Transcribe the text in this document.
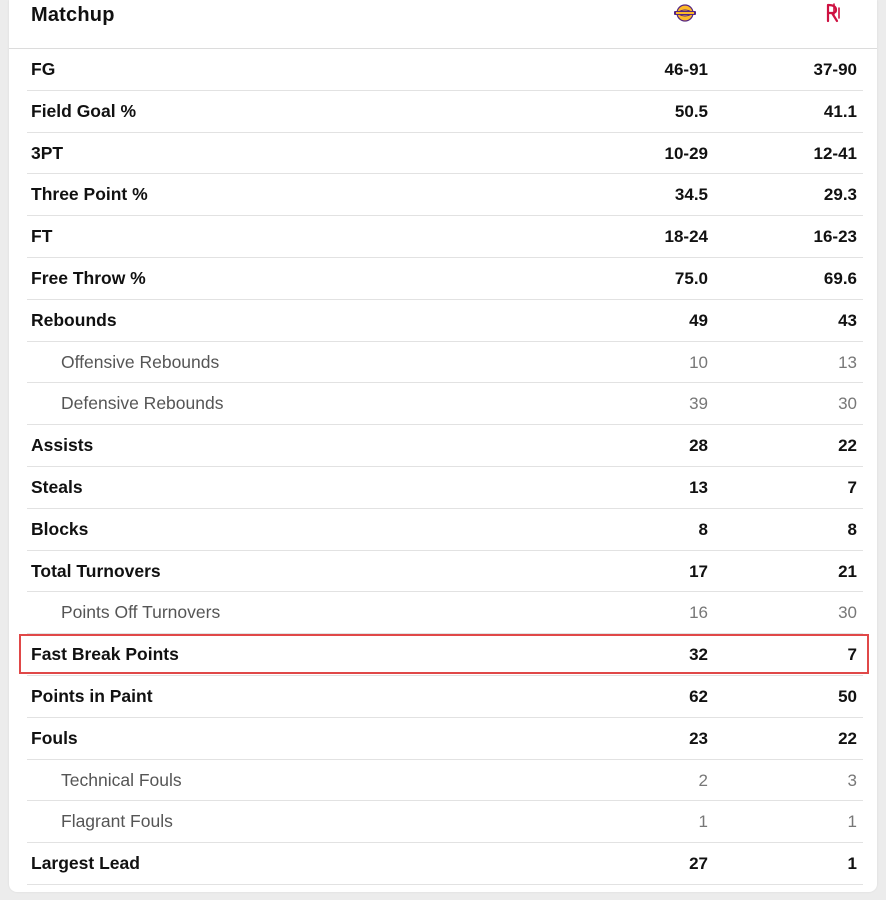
Matchup
FG	46-91	37-90
Field Goal %	50.5	41.1
3PT	10-29	12-41
Three Point %	34.5	29.3
FT	18-24	16-23
Free Throw %	75.0	69.6
Rebounds	49	43
Offensive Rebounds	10	13
Defensive Rebounds	39	30
Assists	28	22
Steals	13	7
Blocks	8	8
Total Turnovers	17	21
Points Off Turnovers	16	30
Fast Break Points	32	7
Points in Paint	62	50
Fouls	23	22
Technical Fouls	2	3
Flagrant Fouls	1	1
Largest Lead	27	1
